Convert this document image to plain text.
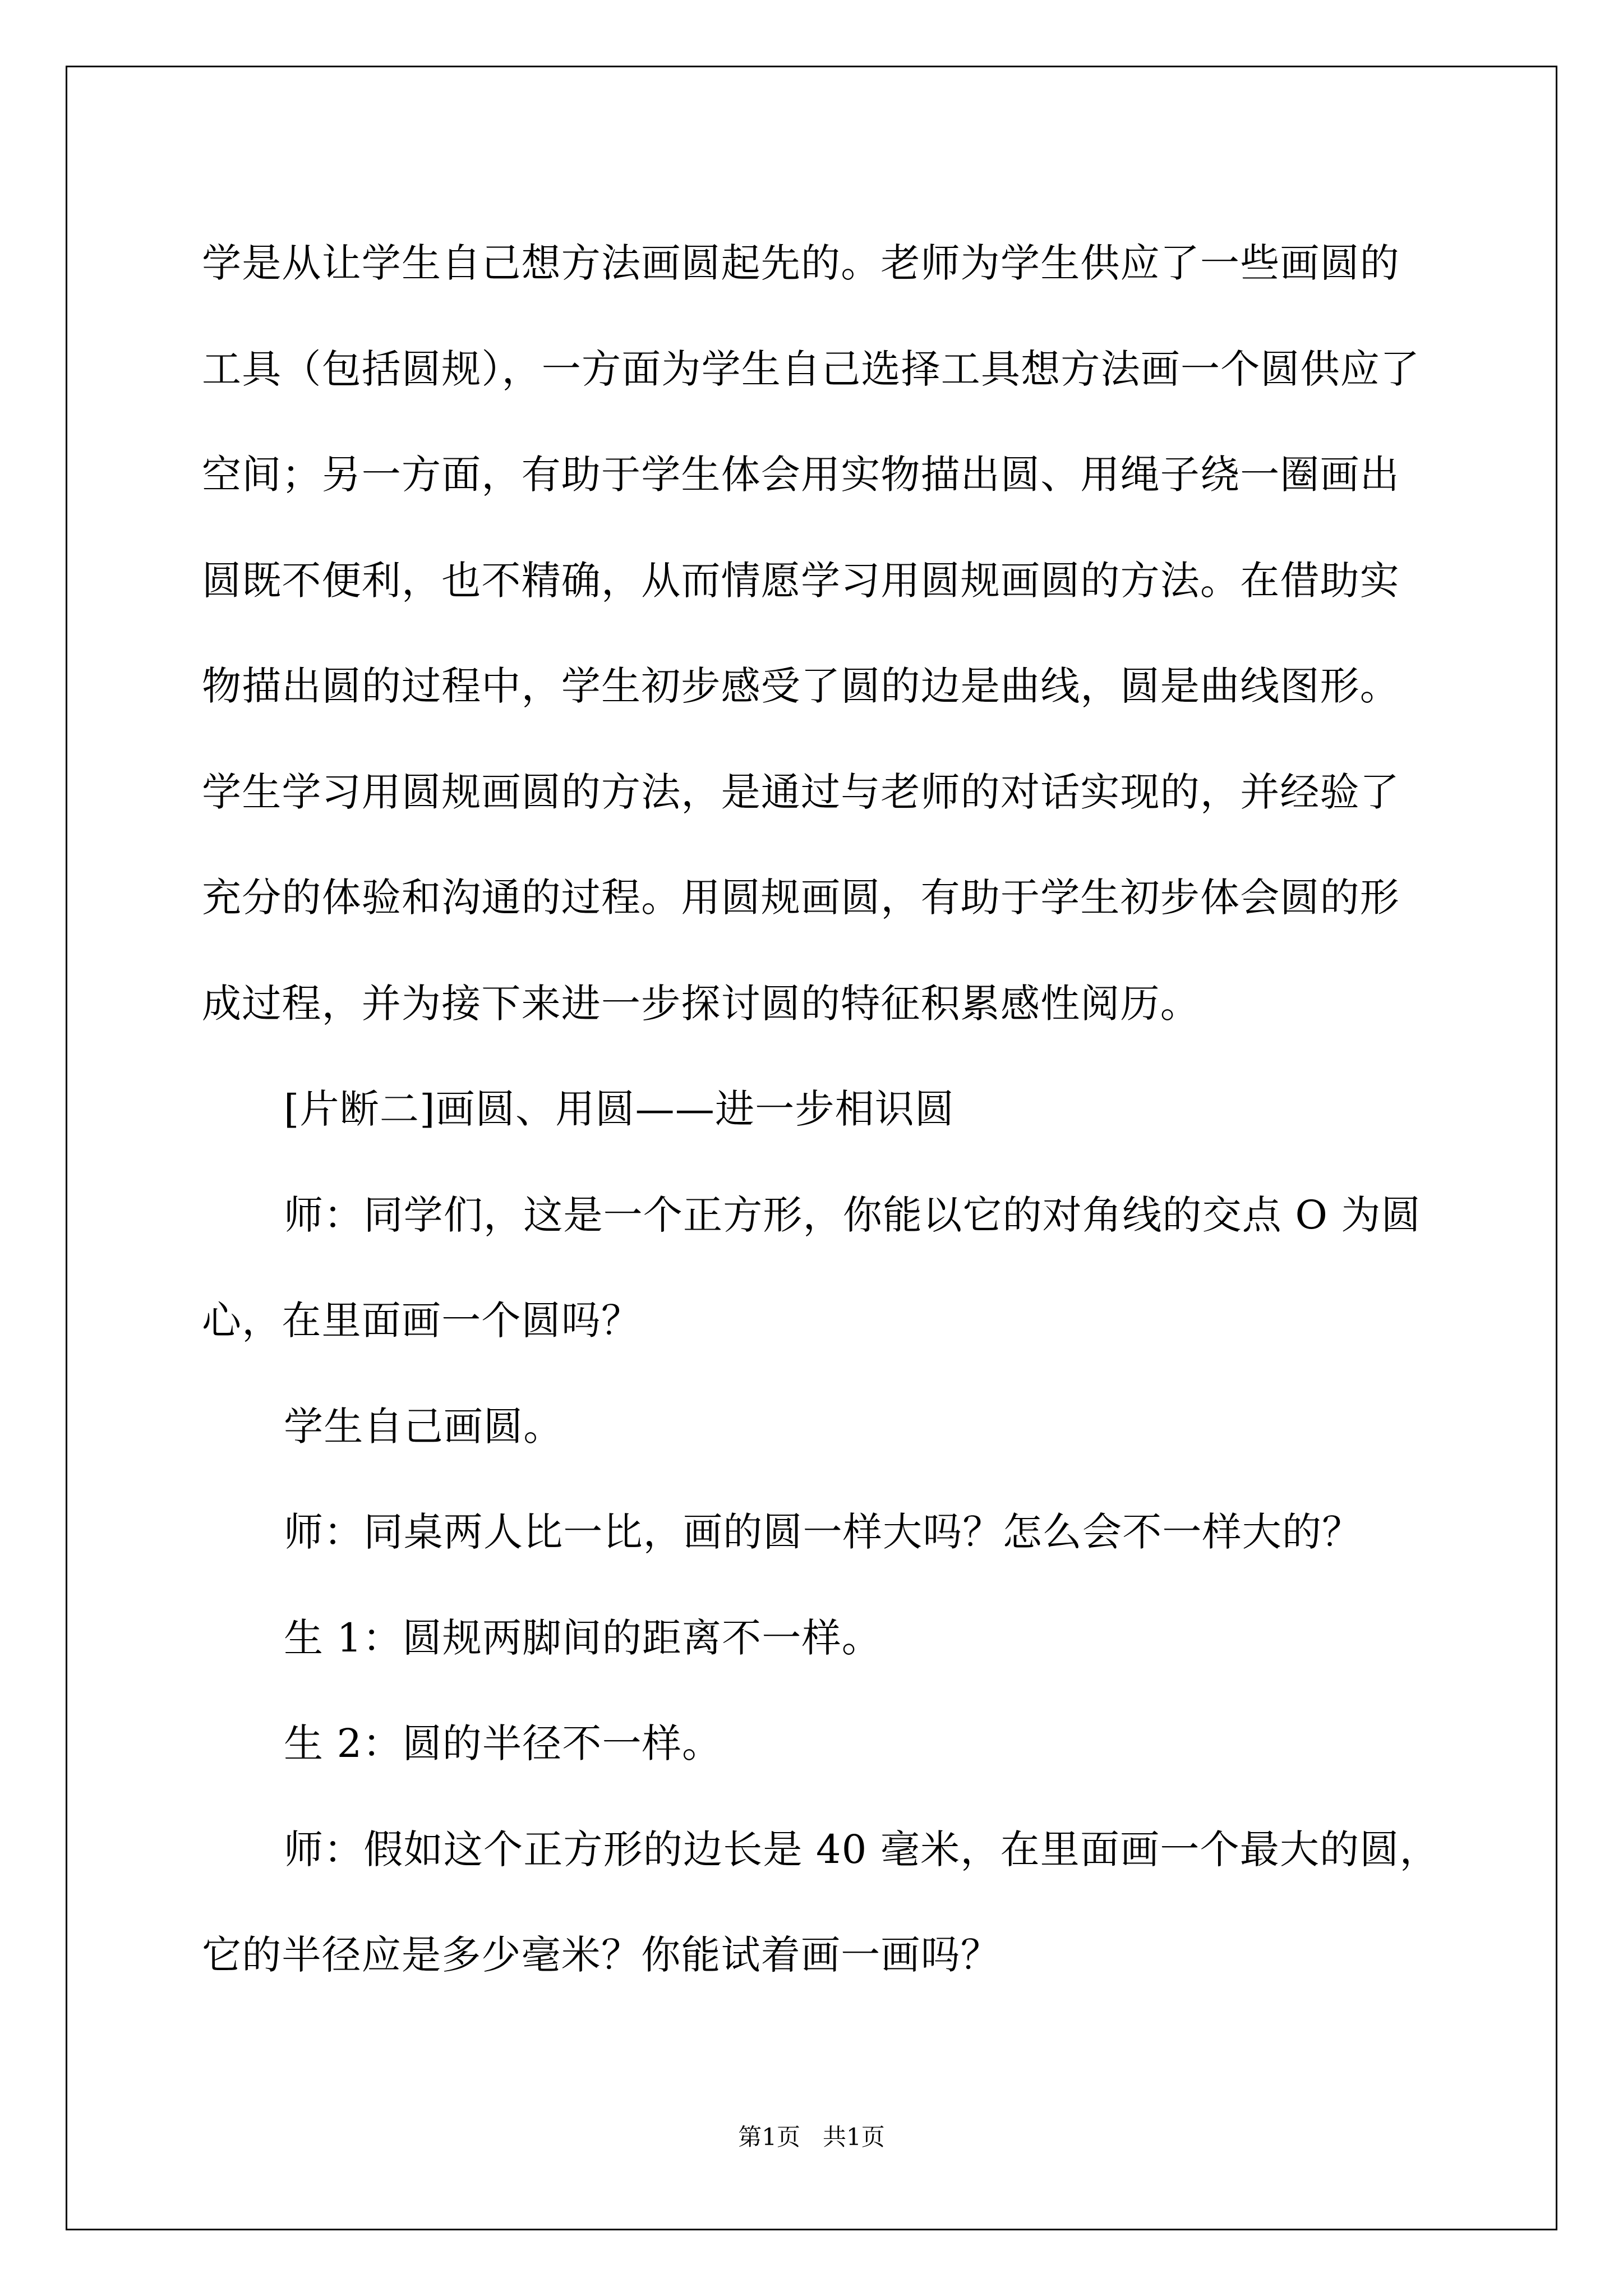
学是从让学生自己想方法画圆起先的。老师为学生供应了一些画圆的
工具（包括圆规），一方面为学生自己选择工具想方法画一个圆供应了
空间；另一方面，有助于学生体会用实物描出圆、用绳子绕一圈画出
圆既不便利，也不精确，从而情愿学习用圆规画圆的方法。在借助实
物描出圆的过程中，学生初步感受了圆的边是曲线，圆是曲线图形。
学生学习用圆规画圆的方法，是通过与老师的对话实现的，并经验了
充分的体验和沟通的过程。用圆规画圆，有助于学生初步体会圆的形
成过程，并为接下来进一步探讨圆的特征积累感性阅历。
[片断二]画圆、用圆——进一步相识圆
师：同学们，这是一个正方形，你能以它的对角线的交点 O 为圆
心，在里面画一个圆吗？
学生自己画圆。
师：同桌两人比一比，画的圆一样大吗？怎么会不一样大的？
生 1：圆规两脚间的距离不一样。
生 2：圆的半径不一样。
师：假如这个正方形的边长是 40 毫米，在里面画一个最大的圆，
它的半径应是多少毫米？你能试着画一画吗？
第1页 共1页
